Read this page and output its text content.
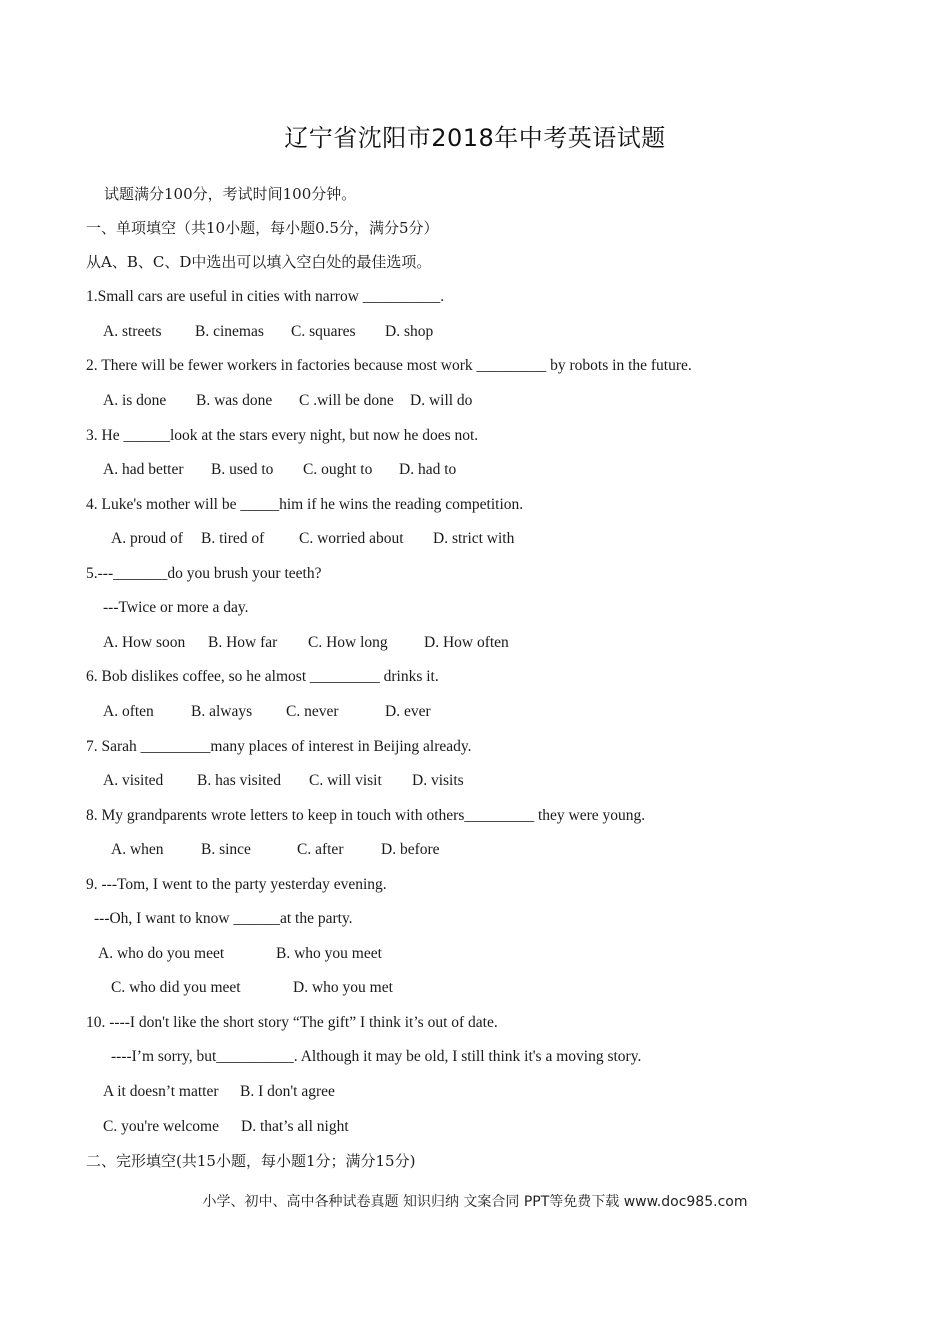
辽宁省沈阳市2018年中考英语试题
试题满分100分，考试时间100分钟。
一、单项填空（共10小题，每小题0.5分，满分5分）
从A、B、C、D中选出可以填入空白处的最佳选项。
1.Small cars are useful in cities with narrow __________.
A. streets B. cinemas C. squares D. shop
2. There will be fewer workers in factories because most work _________ by robots in the future.
A. is done B. was done C .will be done D. will do
3. He ______look at the stars every night, but now he does not.
A. had better B. used to C. ought to D. had to
4. Luke's mother will be _____him if he wins the reading competition.
A. proud of B. tired of C. worried about D. strict with
5.---_______do you brush your teeth?
---Twice or more a day.
A. How soon B. How far C. How long D. How often
6. Bob dislikes coffee, so he almost _________ drinks it.
A. often B. always C. never	D. ever
7. Sarah _________many places of interest in Beijing already.
A. visited B. has visited C. will visit D. visits
8. My grandparents wrote letters to keep in touch with others_________ they were young.
A. when B. since	C. after D. before
9. ---Tom, I went to the party yesterday evening.
---Oh, I want to know ______at the party.
A. who do you meet	B. who you meet
C. who did you meet	D. who you met
10. ----I don't like the short story “The gift” I think it’s out of date.
----I’m sorry, but__________. Although it may be old, I still think it's a moving story.
A it doesn’t matter B. I don't agree
C. you're welcome D. that’s all night
二、完形填空(共15小题，每小题1分；满分15分)
小学、初中、高中各种试卷真题 知识归纳 文案合同 PPT等免费下载 www.doc985.com
